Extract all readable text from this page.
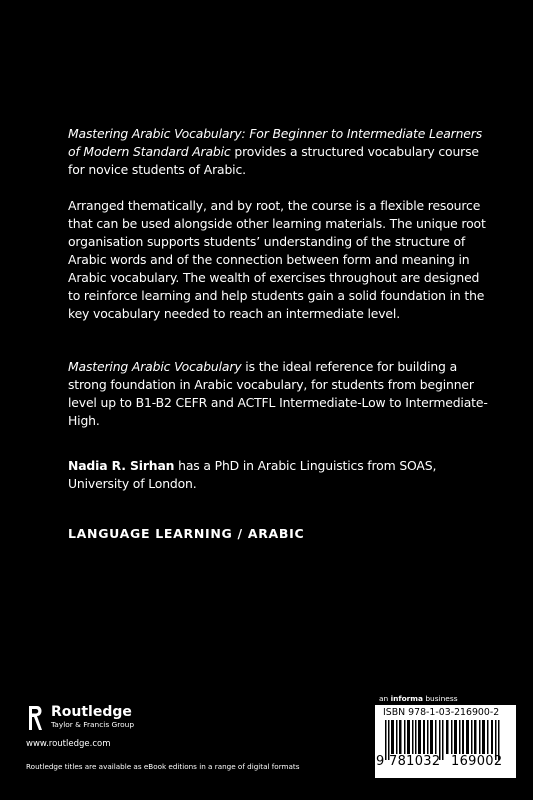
Mastering Arabic Vocabulary: For Beginner to Intermediate Learners of Modern Standard Arabic provides a structured vocabulary course for novice students of Arabic.

Arranged thematically, and by root, the course is a flexible resource that can be used alongside other learning materials. The unique root organisation supports students’ understanding of the structure of Arabic words and of the connection between form and meaning in Arabic vocabulary. The wealth of exercises throughout are designed to reinforce learning and help students gain a solid foundation in the key vocabulary needed to reach an intermediate level.

Mastering Arabic Vocabulary is the ideal reference for building a strong foundation in Arabic vocabulary, for students from beginner level up to B1-B2 CEFR and ACTFL Intermediate-Low to Intermediate-High.

Nadia R. Sirhan has a PhD in Arabic Linguistics from SOAS, University of London.

LANGUAGE LEARNING / ARABIC
Routledge
Taylor & Francis Group
www.routledge.com
Routledge titles are available as eBook editions in a range of digital formats
an informa business
ISBN 978-1-03-216900-2
9 781032 169002
